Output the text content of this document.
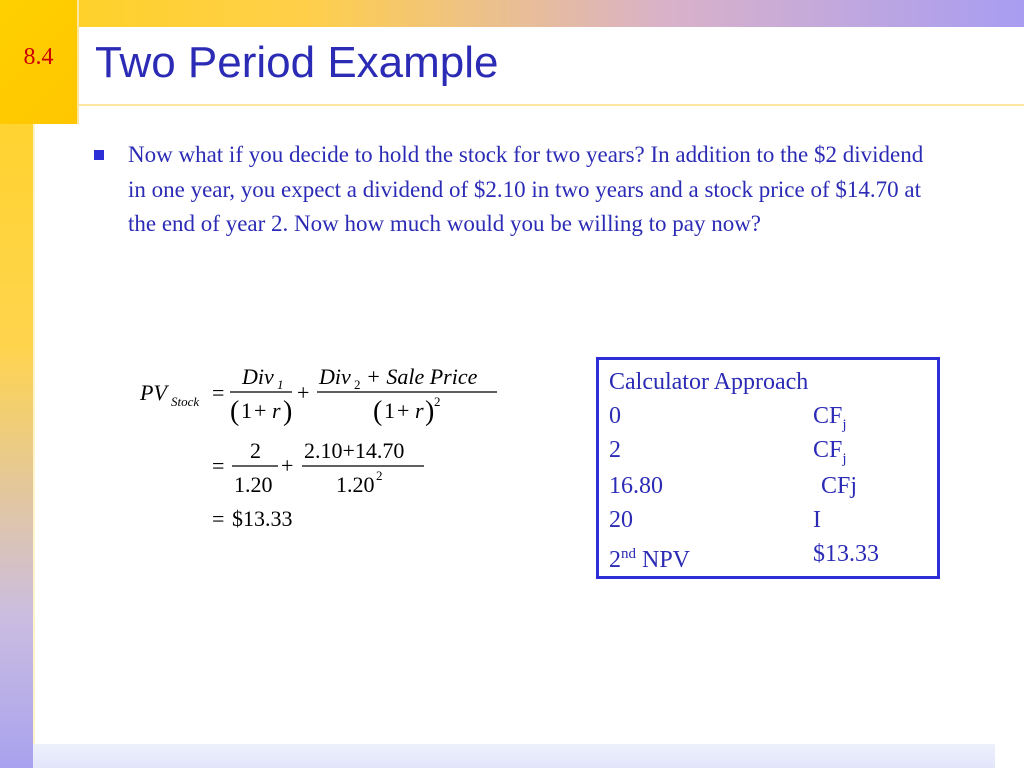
8.4 Two Period Example
Now what if you decide to hold the stock for two years? In addition to the $2 dividend in one year, you expect a dividend of $2.10 in two years and a stock price of $14.70 at the end of year 2. Now how much would you be willing to pay now?
PV Stock =
Div 1
( 1 + r )
+
Div 2 + Sale Price
( 1 + r ) 2
=
2
1.20
+
2.10+14.70
1.20 2
= $13.33
Calculator Approach
0	$CF_j$
2	$CF_j$
16.80	CFj
20	I
2nd NPV	$13.33
